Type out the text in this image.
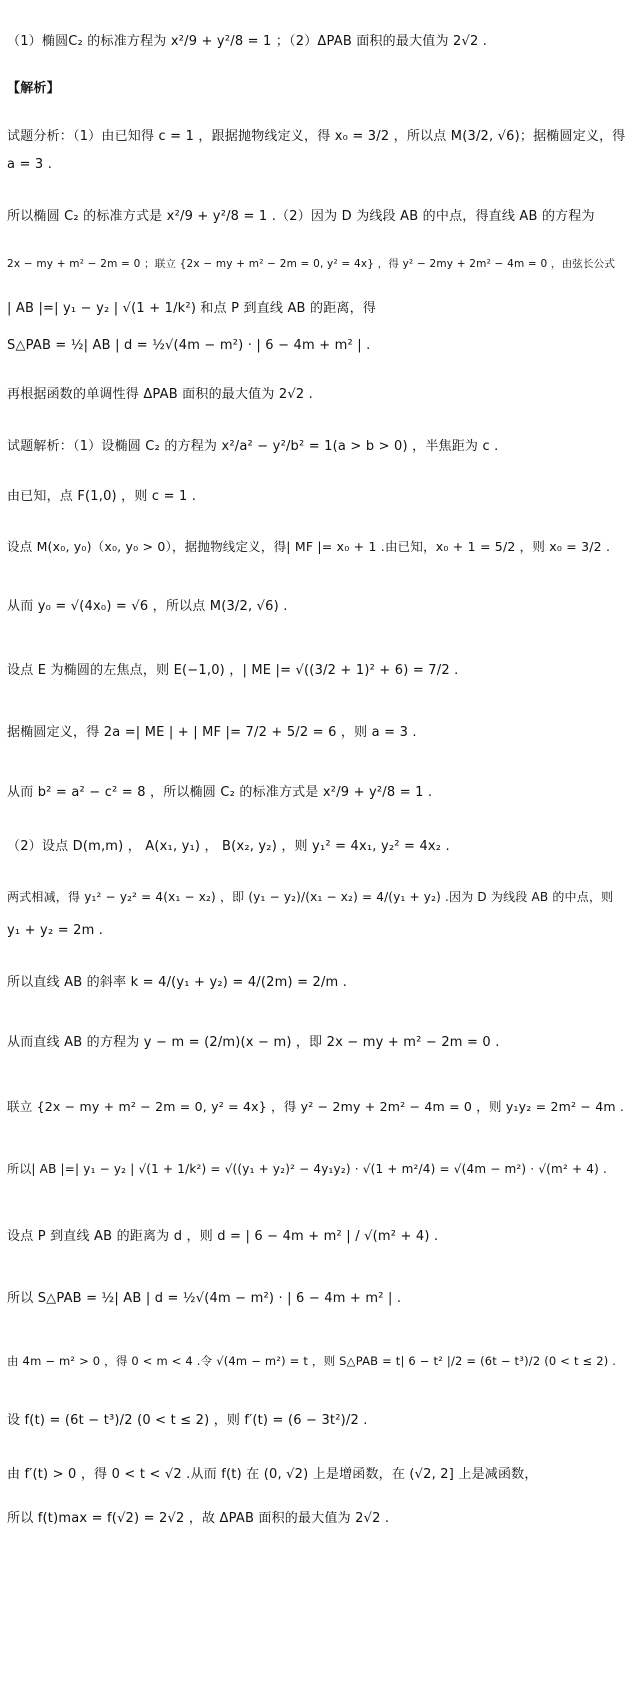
（1）椭圆C₂ 的标准方程为 x²/9 + y²/8 = 1 ；（2）ΔPAB 面积的最大值为 2√2 .
【解析】
试题分析：（1）由已知得 c = 1 ，跟据抛物线定义，得 x₀ = 3/2 ，所以点 M(3/2, √6)；据椭圆定义，得
a = 3 .
所以椭圆 C₂ 的标准方式是 x²/9 + y²/8 = 1 .（2）因为 D 为线段 AB 的中点，得直线 AB 的方程为
2x − my + m² − 2m = 0 ；联立 {2x − my + m² − 2m = 0, y² = 4x} ，得 y² − 2my + 2m² − 4m = 0 ，由弦长公式
| AB |=| y₁ − y₂ | √(1 + 1/k²) 和点 P 到直线 AB 的距离，得
S△PAB = ½| AB | d = ½√(4m − m²) · | 6 − 4m + m² | .
再根据函数的单调性得 ΔPAB 面积的最大值为 2√2 .
试题解析：（1）设椭圆 C₂ 的方程为 x²/a² − y²/b² = 1(a > b > 0) ，半焦距为 c .
由已知，点 F(1,0) ，则 c = 1 .
设点 M(x₀, y₀)（x₀, y₀ > 0），据抛物线定义，得| MF |= x₀ + 1 .由已知，x₀ + 1 = 5/2 ，则 x₀ = 3/2 .
从而 y₀ = √(4x₀) = √6 ，所以点 M(3/2, √6) .
设点 E 为椭圆的左焦点，则 E(−1,0) ，| ME |= √((3/2 + 1)² + 6) = 7/2 .
据椭圆定义，得 2a =| ME | + | MF |= 7/2 + 5/2 = 6 ，则 a = 3 .
从而 b² = a² − c² = 8 ，所以椭圆 C₂ 的标准方式是 x²/9 + y²/8 = 1 .
（2）设点 D(m,m) ， A(x₁, y₁) ， B(x₂, y₂) ，则 y₁² = 4x₁, y₂² = 4x₂ .
两式相减，得 y₁² − y₂² = 4(x₁ − x₂) ，即 (y₁ − y₂)/(x₁ − x₂) = 4/(y₁ + y₂) .因为 D 为线段 AB 的中点，则
y₁ + y₂ = 2m .
所以直线 AB 的斜率 k = 4/(y₁ + y₂) = 4/(2m) = 2/m .
从而直线 AB 的方程为 y − m = (2/m)(x − m) ，即 2x − my + m² − 2m = 0 .
联立 {2x − my + m² − 2m = 0, y² = 4x} ，得 y² − 2my + 2m² − 4m = 0 ，则 y₁y₂ = 2m² − 4m .
所以| AB |=| y₁ − y₂ | √(1 + 1/k²) = √((y₁ + y₂)² − 4y₁y₂) · √(1 + m²/4) = √(4m − m²) · √(m² + 4) .
设点 P 到直线 AB 的距离为 d ，则 d = | 6 − 4m + m² | / √(m² + 4) .
所以 S△PAB = ½| AB | d = ½√(4m − m²) · | 6 − 4m + m² | .
由 4m − m² > 0 ，得 0 < m < 4 .令 √(4m − m²) = t ，则 S△PAB = t| 6 − t² |/2 = (6t − t³)/2 (0 < t ≤ 2) .
设 f(t) = (6t − t³)/2 (0 < t ≤ 2) ，则 f′(t) = (6 − 3t²)/2 .
由 f′(t) > 0 ，得 0 < t < √2 .从而 f(t) 在 (0, √2) 上是增函数，在 (√2, 2] 上是减函数，
所以 f(t)max = f(√2) = 2√2 ，故 ΔPAB 面积的最大值为 2√2 .
